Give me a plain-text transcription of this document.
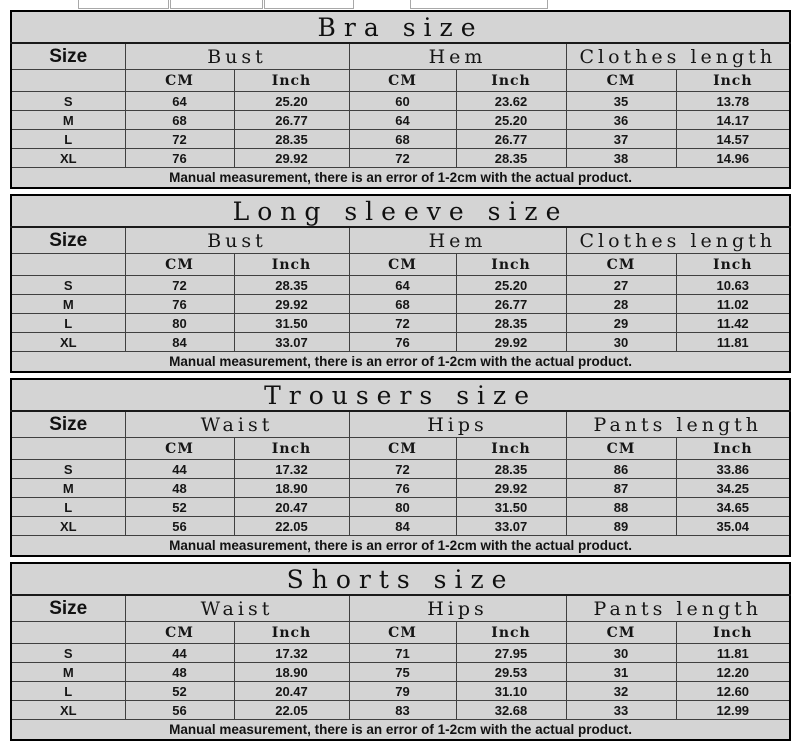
Bra size						
Size	Bust		Hem		Clothes length	
	CM	Inch	CM	Inch	CM	Inch
S	64	25.20	60	23.62	35	13.78
M	68	26.77	64	25.20	36	14.17
L	72	28.35	68	26.77	37	14.57
XL	76	29.92	72	28.35	38	14.96
Manual measurement, there is an error of 1-2cm with the actual product.						
Long sleeve size						
Size	Bust		Hem		Clothes length	
	CM	Inch	CM	Inch	CM	Inch
S	72	28.35	64	25.20	27	10.63
M	76	29.92	68	26.77	28	11.02
L	80	31.50	72	28.35	29	11.42
XL	84	33.07	76	29.92	30	11.81
Manual measurement, there is an error of 1-2cm with the actual product.						
Trousers size						
Size	Waist		Hips		Pants length	
	CM	Inch	CM	Inch	CM	Inch
S	44	17.32	72	28.35	86	33.86
M	48	18.90	76	29.92	87	34.25
L	52	20.47	80	31.50	88	34.65
XL	56	22.05	84	33.07	89	35.04
Manual measurement, there is an error of 1-2cm with the actual product.						
Shorts size						
Size	Waist		Hips		Pants length	
	CM	Inch	CM	Inch	CM	Inch
S	44	17.32	71	27.95	30	11.81
M	48	18.90	75	29.53	31	12.20
L	52	20.47	79	31.10	32	12.60
XL	56	22.05	83	32.68	33	12.99
Manual measurement, there is an error of 1-2cm with the actual product.						
